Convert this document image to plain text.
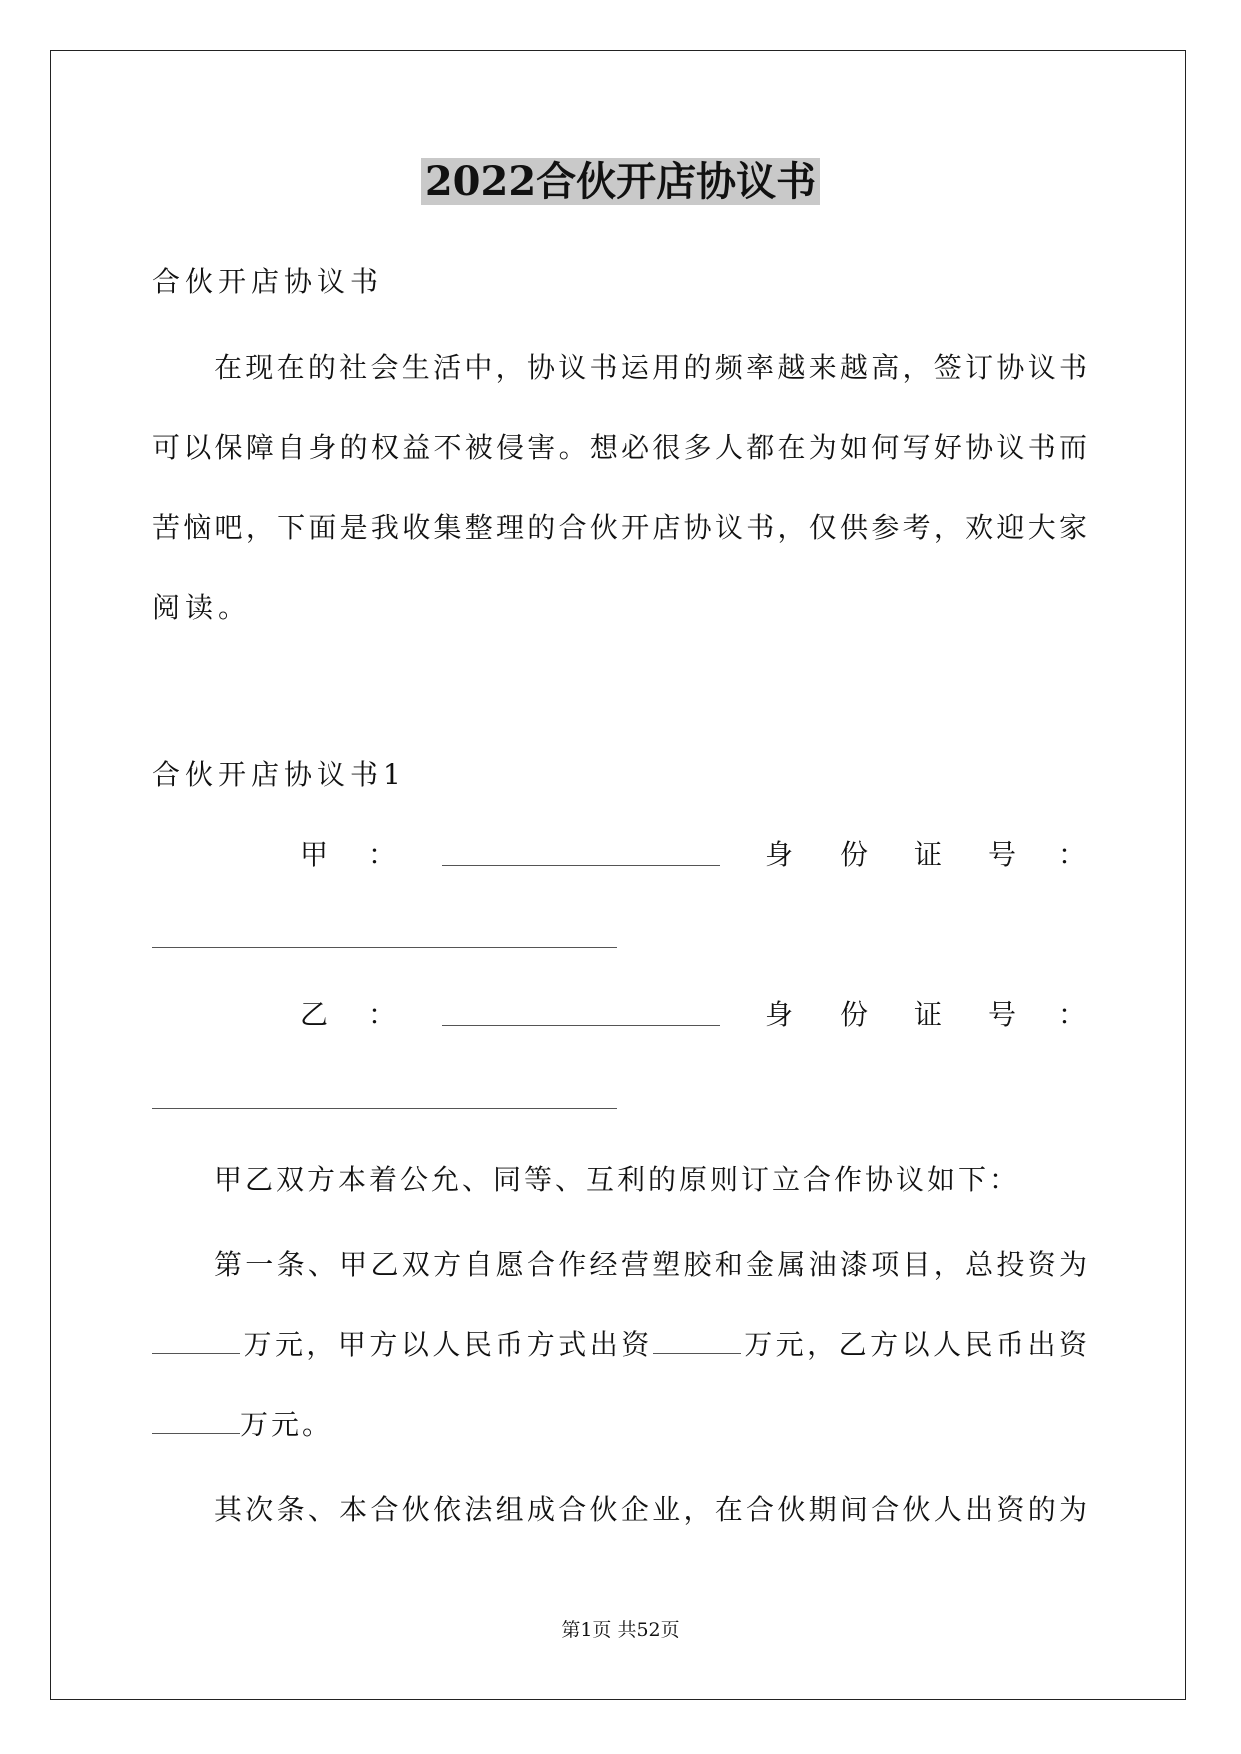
2022合伙开店协议书
合伙开店协议书
在现在的社会生活中，协议书运用的频率越来越高，签订协议书
可以保障自身的权益不被侵害。想必很多人都在为如何写好协议书而
苦恼吧，下面是我收集整理的合伙开店协议书，仅供参考，欢迎大家
阅读。
合伙开店协议书1
甲 ：	身 份 证 号 ：
乙 ：	身 份 证 号 ：
甲乙双方本着公允、同等、互利的原则订立合作协议如下：
第一条、甲乙双方自愿合作经营塑胶和金属油漆项目，总投资为
万元，甲方以人民币方式出资	万元，乙方以人民币出资
万元。
其次条、本合伙依法组成合伙企业，在合伙期间合伙人出资的为
第1页 共52页
